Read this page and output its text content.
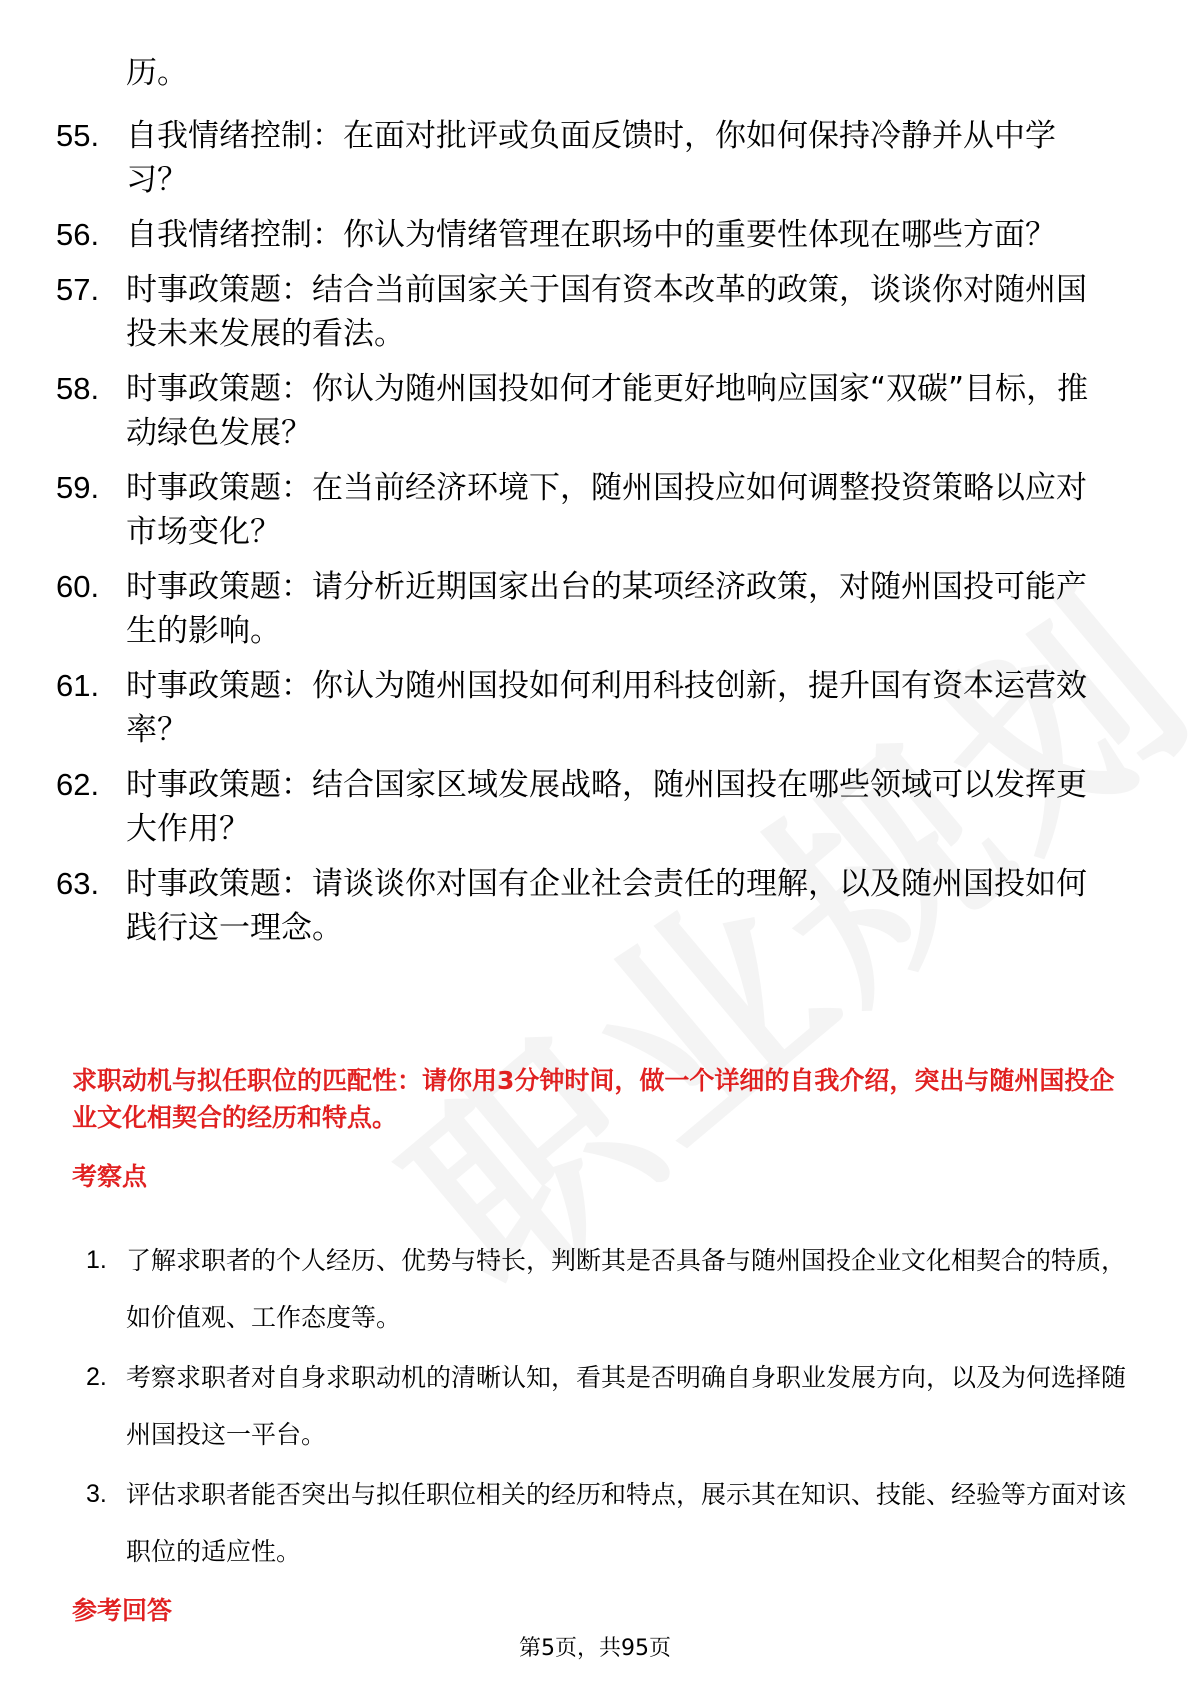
历。

55. 自我情绪控制：在面对批评或负面反馈时，你如何保持冷静并从中学习？
56. 自我情绪控制：你认为情绪管理在职场中的重要性体现在哪些方面？
57. 时事政策题：结合当前国家关于国有资本改革的政策，谈谈你对随州国投未来发展的看法。
58. 时事政策题：你认为随州国投如何才能更好地响应国家“双碳”目标，推动绿色发展？
59. 时事政策题：在当前经济环境下，随州国投应如何调整投资策略以应对市场变化？
60. 时事政策题：请分析近期国家出台的某项经济政策，对随州国投可能产生的影响。
61. 时事政策题：你认为随州国投如何利用科技创新，提升国有资本运营效率？
62. 时事政策题：结合国家区域发展战略，随州国投在哪些领域可以发挥更大作用？
63. 时事政策题：请谈谈你对国有企业社会责任的理解，以及随州国投如何践行这一理念。

求职动机与拟任职位的匹配性：请你用3分钟时间，做一个详细的自我介绍，突出与随州国投企业文化相契合的经历和特点。

考察点

1. 了解求职者的个人经历、优势与特长，判断其是否具备与随州国投企业文化相契合的特质，如价值观、工作态度等。
2. 考察求职者对自身求职动机的清晰认知，看其是否明确自身职业发展方向，以及为何选择随州国投这一平台。
3. 评估求职者能否突出与拟任职位相关的经历和特点，展示其在知识、技能、经验等方面对该职位的适应性。

参考回答

第5页，共95页
